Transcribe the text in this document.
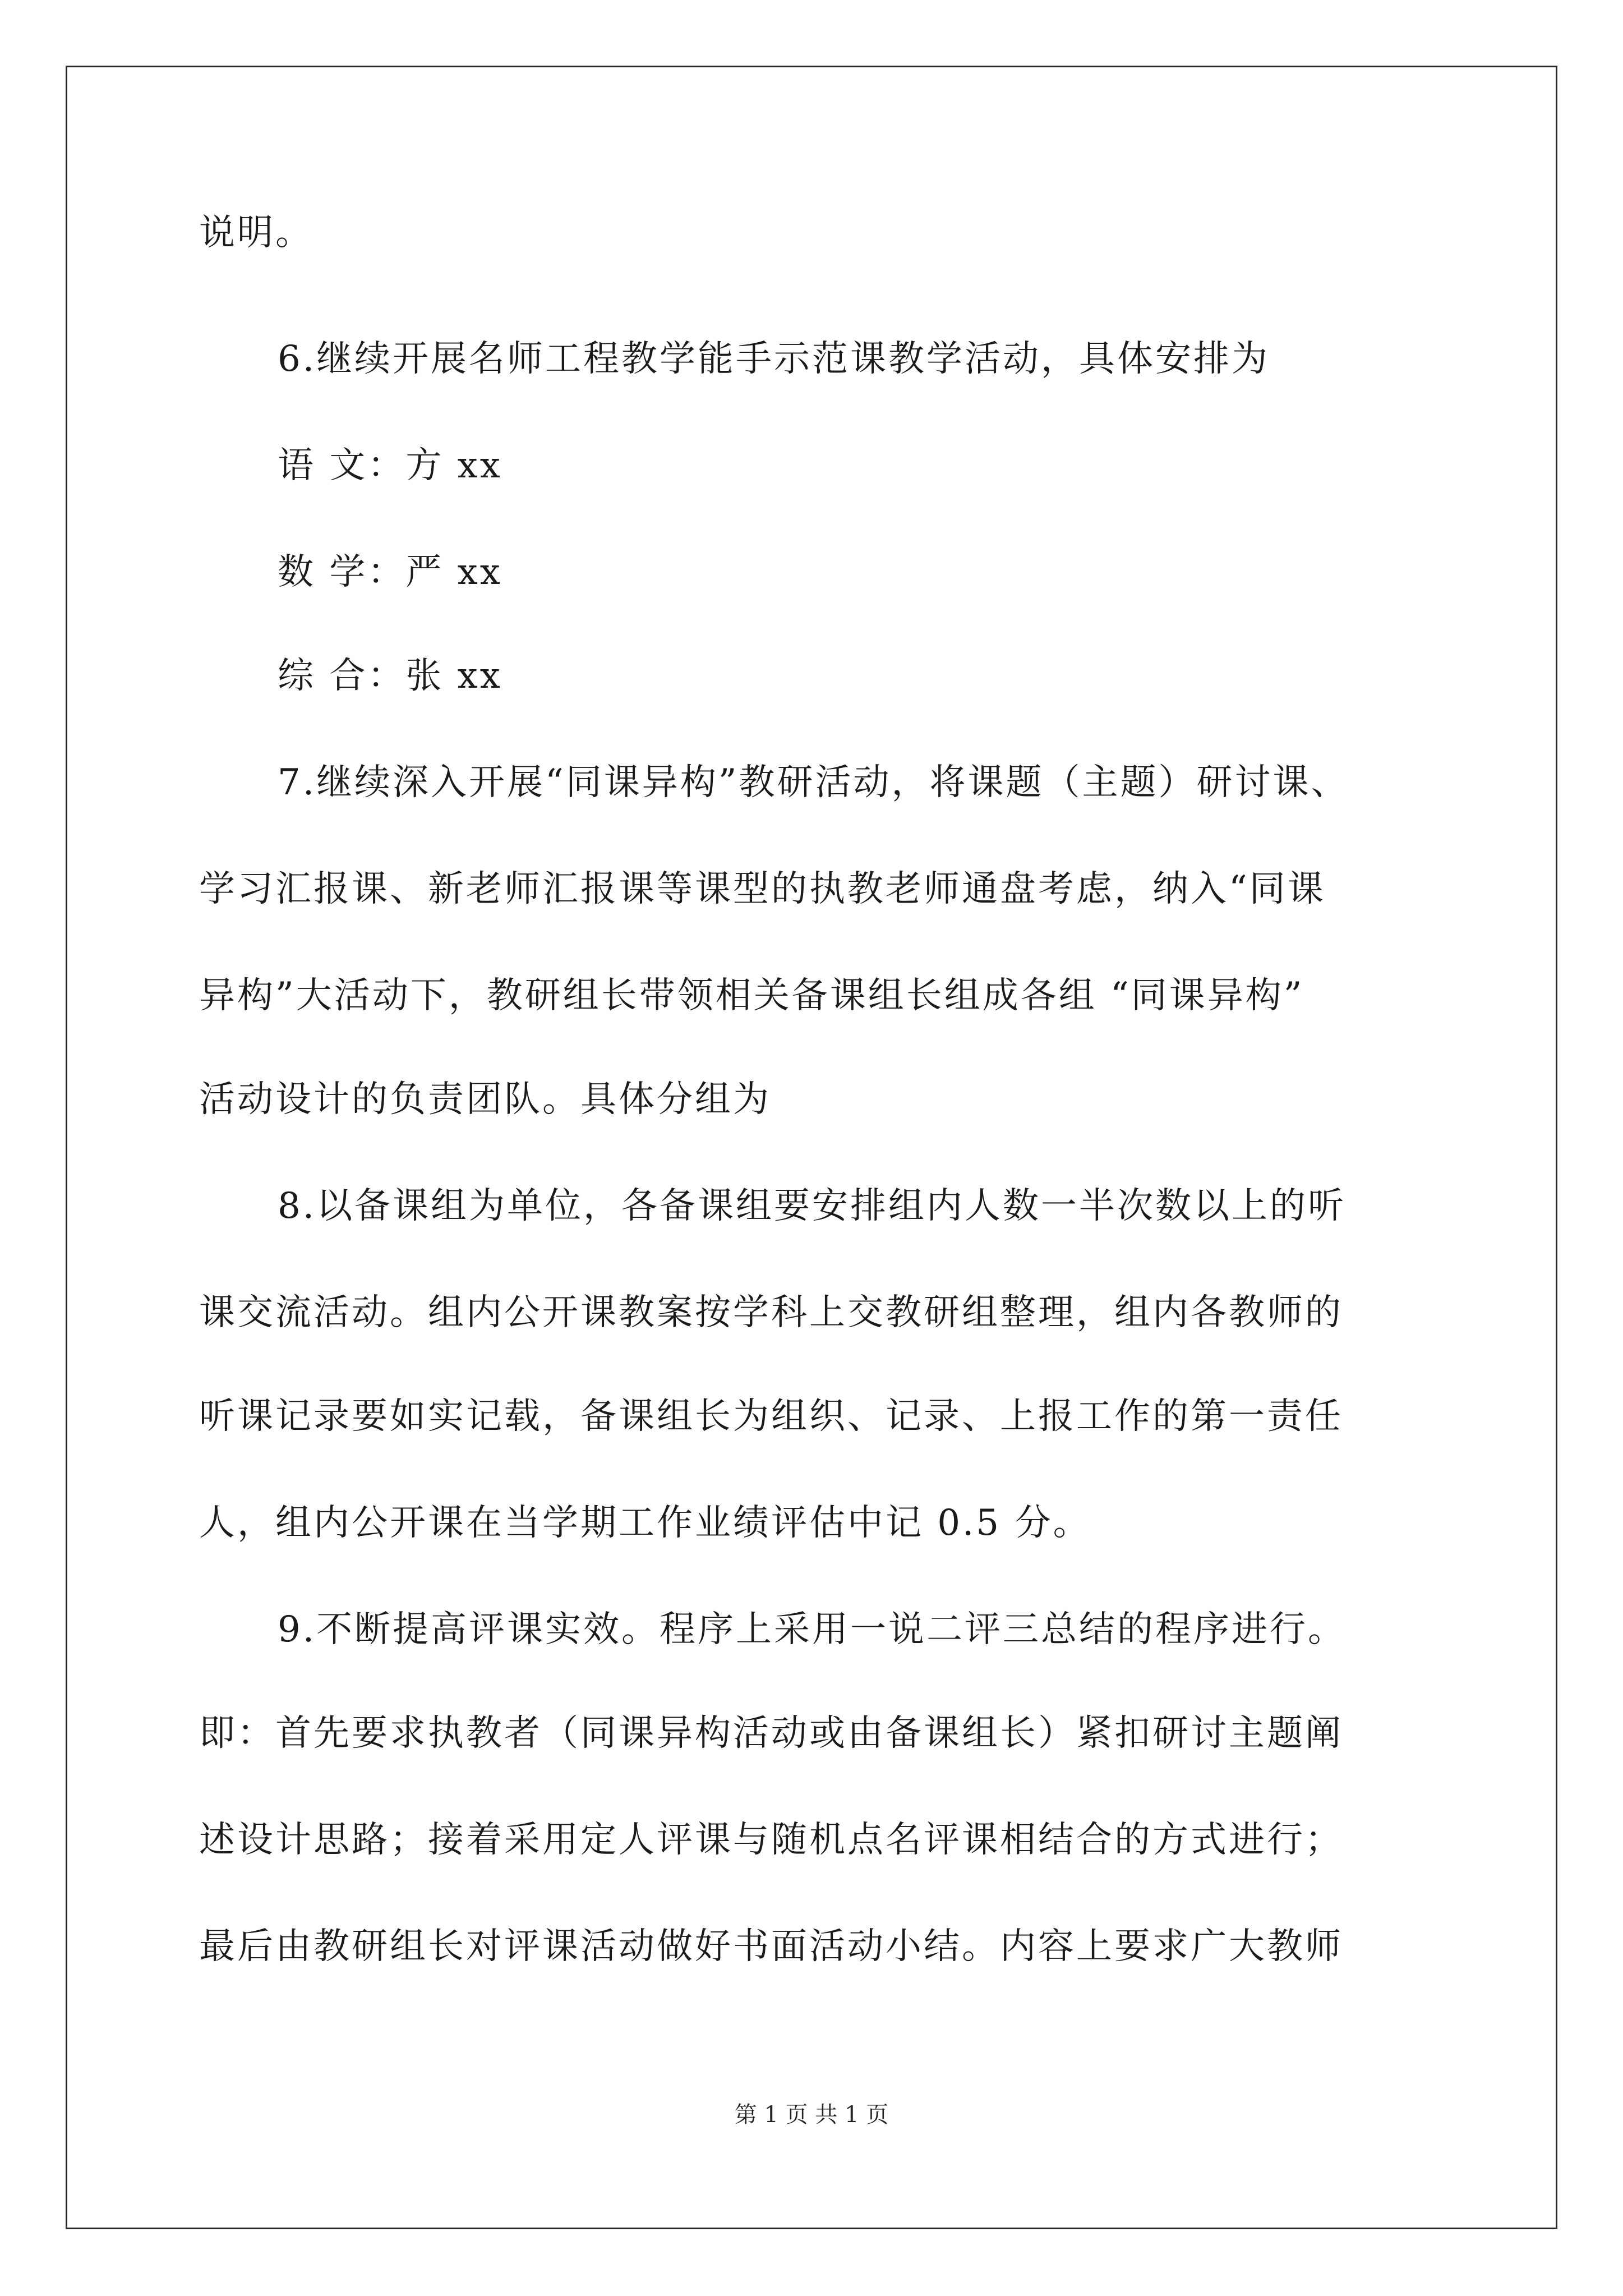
说明。
6.继续开展名师工程教学能手示范课教学活动，具体安排为
语 文：方 xx
数 学：严 xx
综 合：张 xx
7.继续深入开展“同课异构”教研活动，将课题（主题）研讨课、
学习汇报课、新老师汇报课等课型的执教老师通盘考虑，纳入“同课
异构”大活动下，教研组长带领相关备课组长组成各组 “同课异构”
活动设计的负责团队。具体分组为
8.以备课组为单位，各备课组要安排组内人数一半次数以上的听
课交流活动。组内公开课教案按学科上交教研组整理，组内各教师的
听课记录要如实记载，备课组长为组织、记录、上报工作的第一责任
人，组内公开课在当学期工作业绩评估中记 0.5 分。
9.不断提高评课实效。程序上采用一说二评三总结的程序进行。
即：首先要求执教者（同课异构活动或由备课组长）紧扣研讨主题阐
述设计思路；接着采用定人评课与随机点名评课相结合的方式进行；
最后由教研组长对评课活动做好书面活动小结。内容上要求广大教师
第 1 页 共 1 页
